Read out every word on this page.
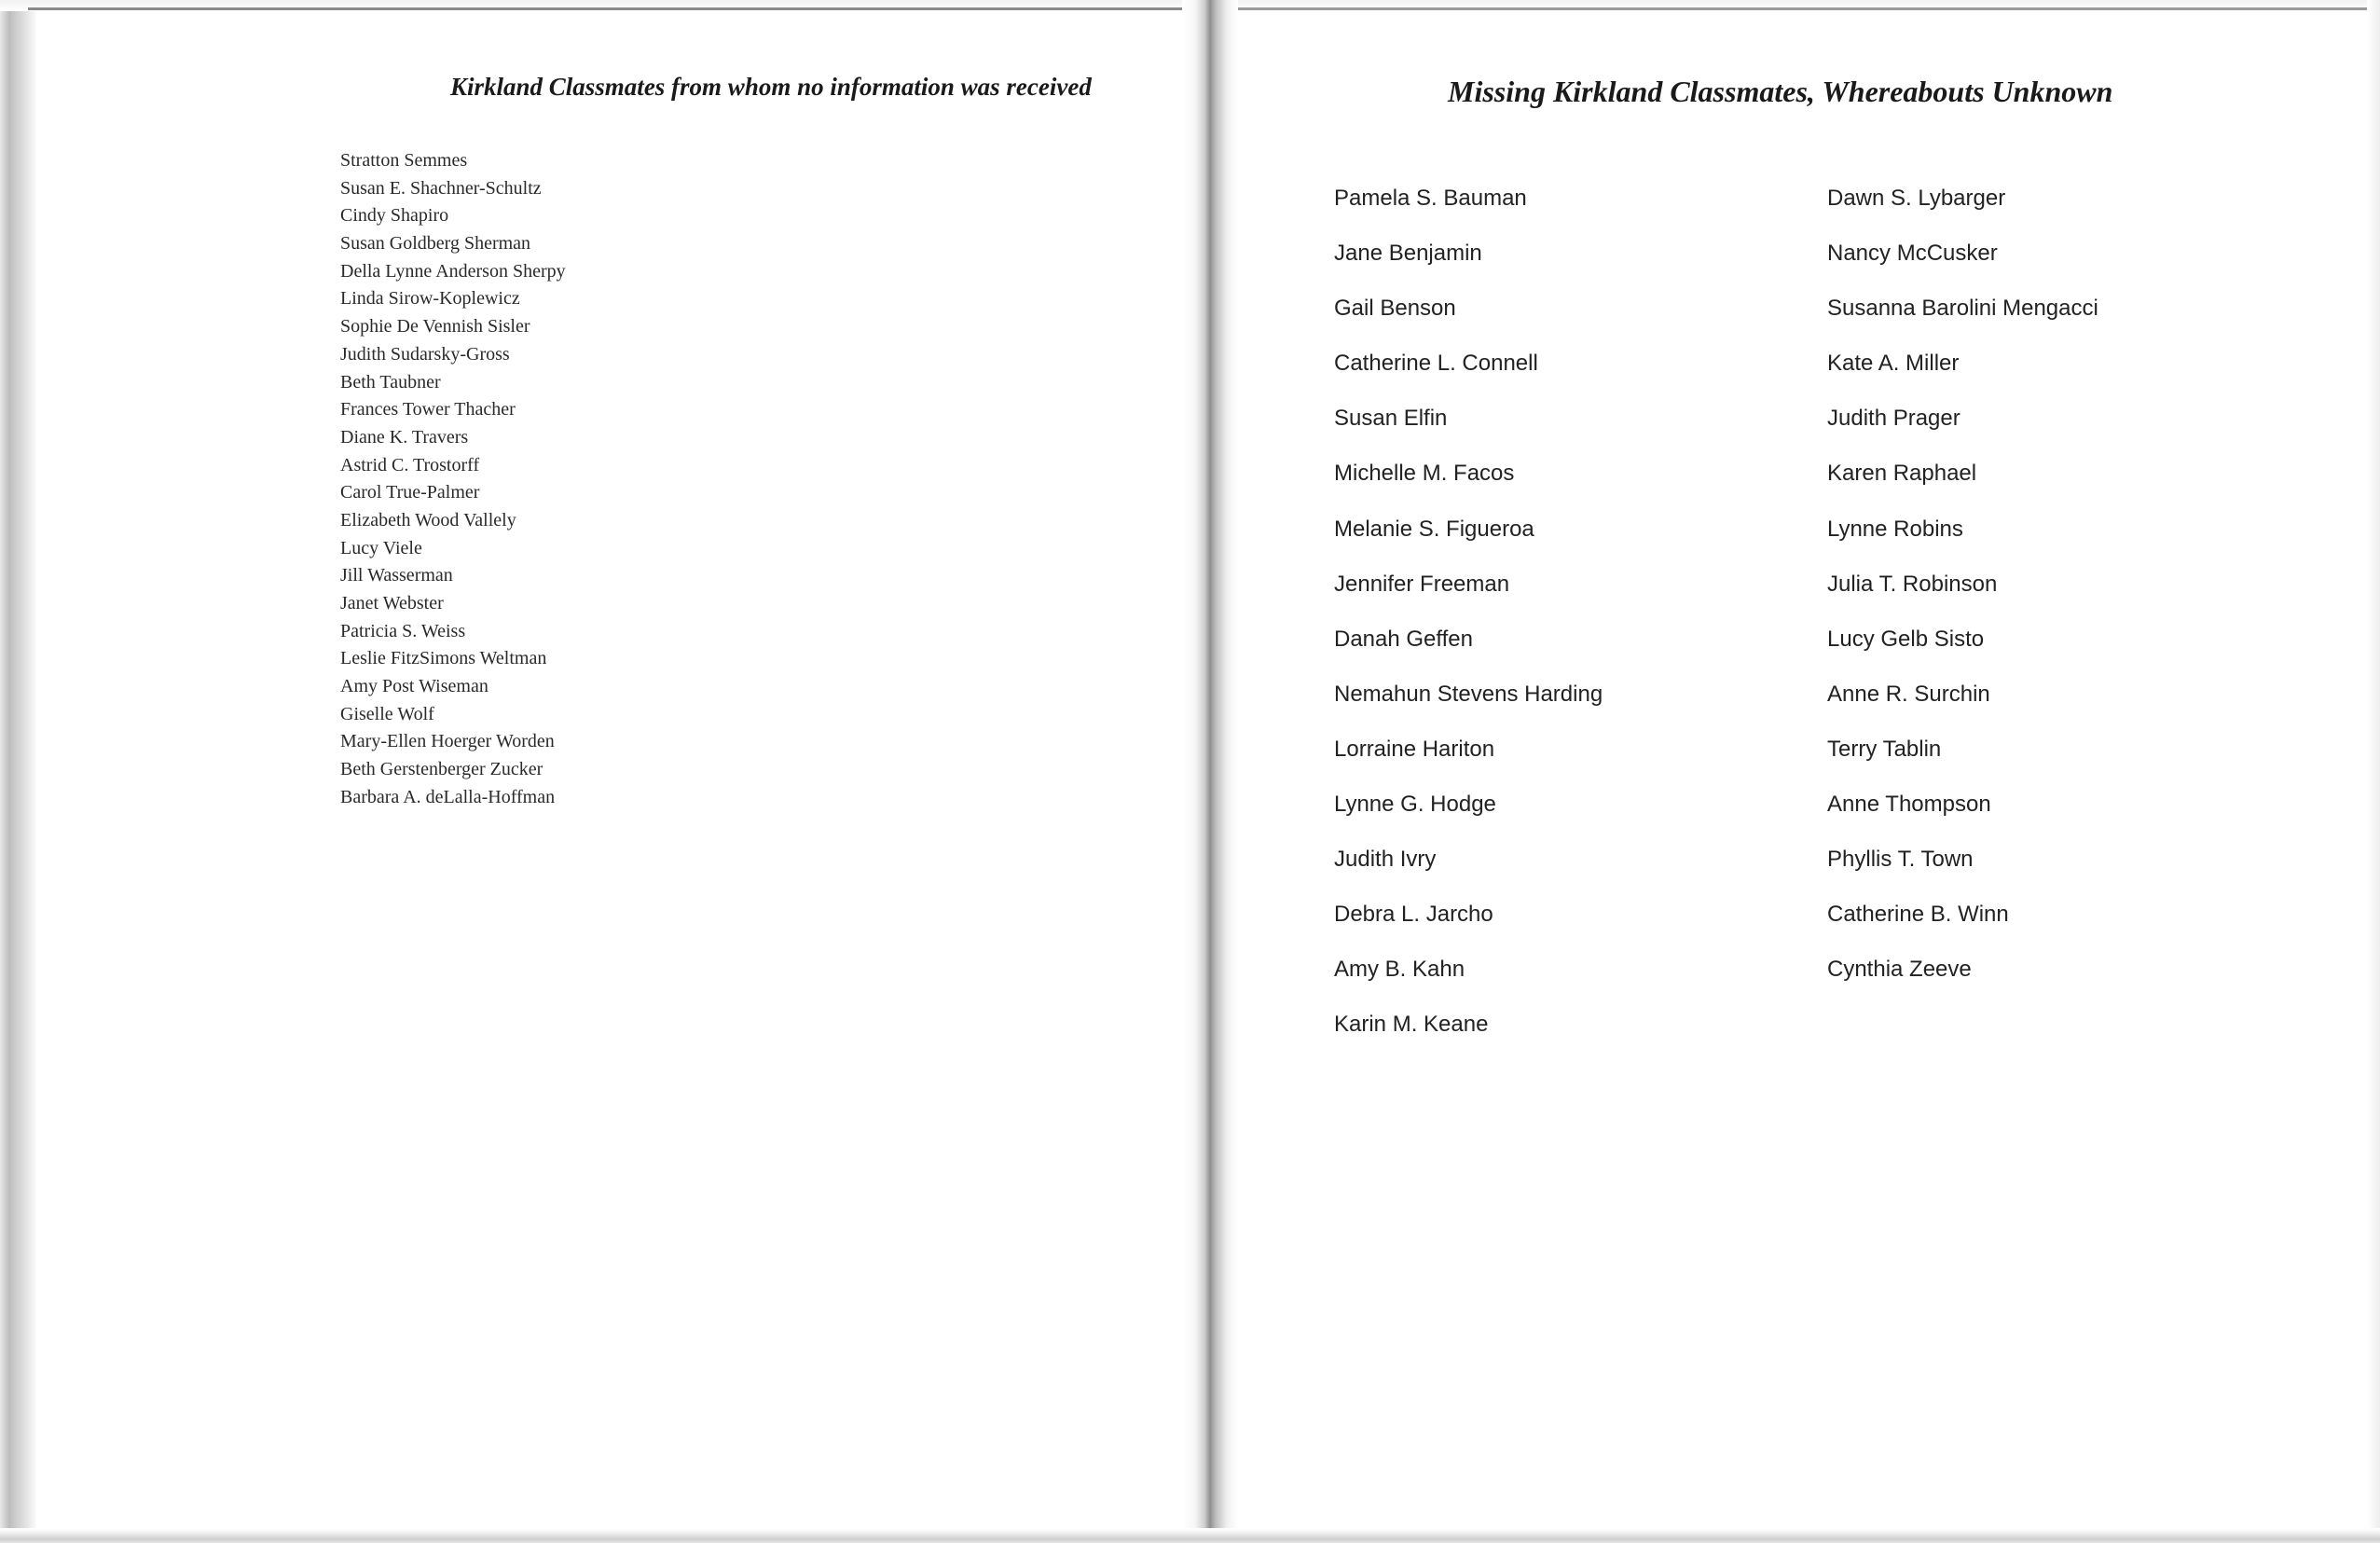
Kirkland Classmates from whom no information was received
Stratton Semmes
Susan E. Shachner-Schultz
Cindy Shapiro
Susan Goldberg Sherman
Della Lynne Anderson Sherpy
Linda Sirow-Koplewicz
Sophie De Vennish Sisler
Judith Sudarsky-Gross
Beth Taubner
Frances Tower Thacher
Diane K. Travers
Astrid C. Trostorff
Carol True-Palmer
Elizabeth Wood Vallely
Lucy Viele
Jill Wasserman
Janet Webster
Patricia S. Weiss
Leslie FitzSimons Weltman
Amy Post Wiseman
Giselle Wolf
Mary-Ellen Hoerger Worden
Beth Gerstenberger Zucker
Barbara A. deLalla-Hoffman
Missing Kirkland Classmates, Whereabouts Unknown
Pamela S. Bauman
Jane Benjamin
Gail Benson
Catherine L. Connell
Susan Elfin
Michelle M. Facos
Melanie S. Figueroa
Jennifer Freeman
Danah Geffen
Nemahun Stevens Harding
Lorraine Hariton
Lynne G. Hodge
Judith Ivry
Debra L. Jarcho
Amy B. Kahn
Karin M. Keane
Dawn S. Lybarger
Nancy McCusker
Susanna Barolini Mengacci
Kate A. Miller
Judith Prager
Karen Raphael
Lynne Robins
Julia T. Robinson
Lucy Gelb Sisto
Anne R. Surchin
Terry Tablin
Anne Thompson
Phyllis T. Town
Catherine B. Winn
Cynthia Zeeve
